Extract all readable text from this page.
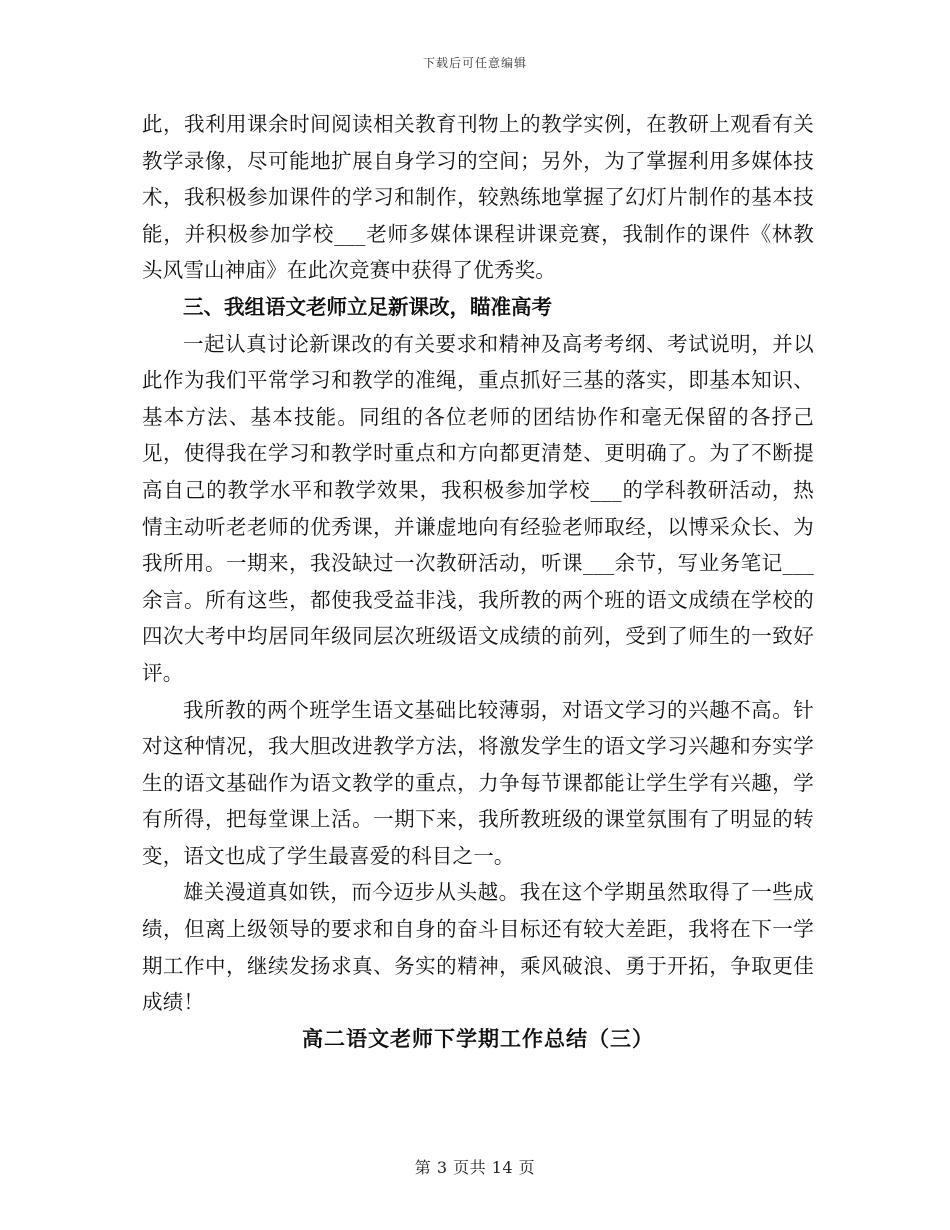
下载后可任意编辑

此，我利用课余时间阅读相关教育刊物上的教学实例，在教研上观看有关教学录像，尽可能地扩展自身学习的空间；另外，为了掌握利用多媒体技术，我积极参加课件的学习和制作，较熟练地掌握了幻灯片制作的基本技能，并积极参加学校___老师多媒体课程讲课竞赛，我制作的课件《林教头风雪山神庙》在此次竞赛中获得了优秀奖。

三、我组语文老师立足新课改，瞄准高考

一起认真讨论新课改的有关要求和精神及高考考纲、考试说明，并以此作为我们平常学习和教学的准绳，重点抓好三基的落实，即基本知识、基本方法、基本技能。同组的各位老师的团结协作和毫无保留的各抒己见，使得我在学习和教学时重点和方向都更清楚、更明确了。为了不断提高自己的教学水平和教学效果，我积极参加学校___的学科教研活动，热情主动听老老师的优秀课，并谦虚地向有经验老师取经，以博采众长、为我所用。一期来，我没缺过一次教研活动，听课___余节，写业务笔记___余言。所有这些，都使我受益非浅，我所教的两个班的语文成绩在学校的四次大考中均居同年级同层次班级语文成绩的前列，受到了师生的一致好评。

我所教的两个班学生语文基础比较薄弱，对语文学习的兴趣不高。针对这种情况，我大胆改进教学方法，将激发学生的语文学习兴趣和夯实学生的语文基础作为语文教学的重点，力争每节课都能让学生学有兴趣，学有所得，把每堂课上活。一期下来，我所教班级的课堂氛围有了明显的转变，语文也成了学生最喜爱的科目之一。

雄关漫道真如铁，而今迈步从头越。我在这个学期虽然取得了一些成绩，但离上级领导的要求和自身的奋斗目标还有较大差距，我将在下一学期工作中，继续发扬求真、务实的精神，乘风破浪、勇于开拓，争取更佳成绩！

高二语文老师下学期工作总结（三）

第 3 页共 14 页
